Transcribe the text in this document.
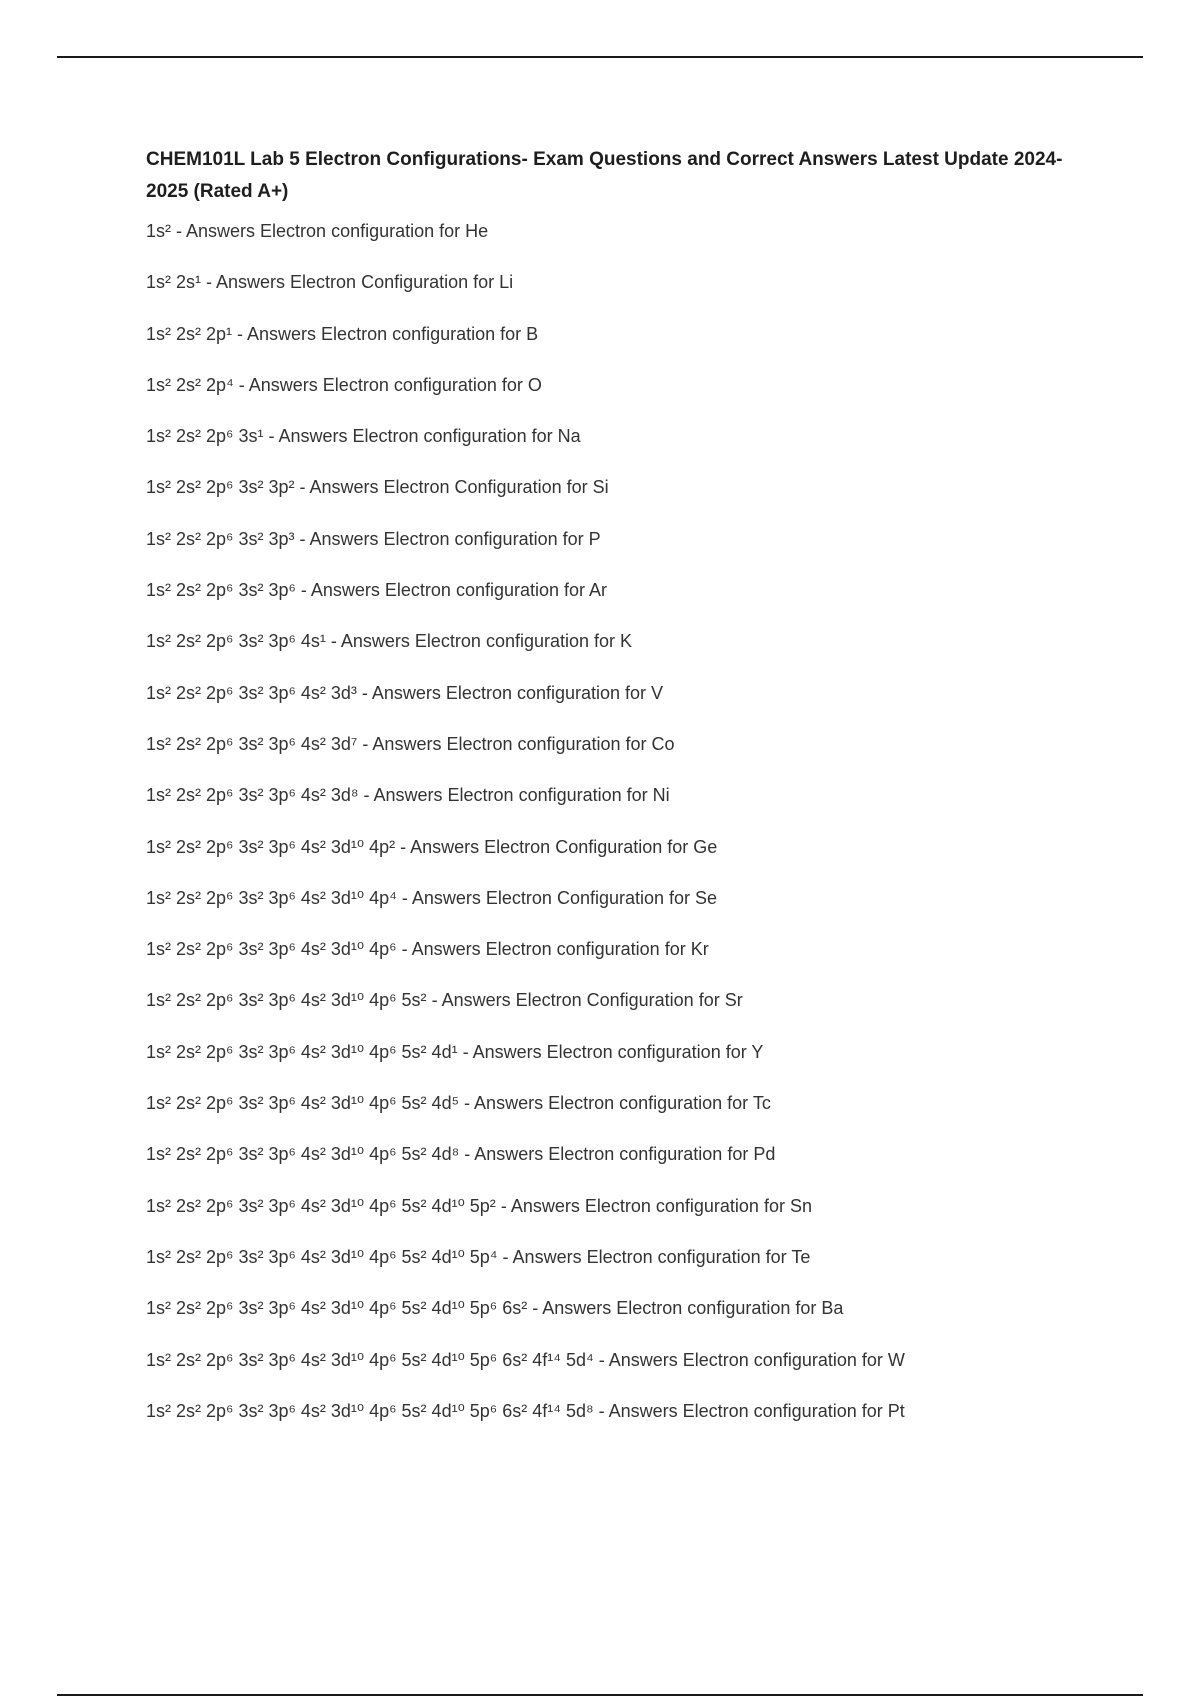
CHEM101L Lab 5 Electron Configurations- Exam Questions and Correct Answers Latest Update 2024-2025 (Rated A+)
1s² - Answers Electron configuration for He
1s² 2s¹ - Answers Electron Configuration for Li
1s² 2s² 2p¹ - Answers Electron configuration for B
1s² 2s² 2p⁴ - Answers Electron configuration for O
1s² 2s² 2p⁶ 3s¹ - Answers Electron configuration for Na
1s² 2s² 2p⁶ 3s² 3p² - Answers Electron Configuration for Si
1s² 2s² 2p⁶ 3s² 3p³ - Answers Electron configuration for P
1s² 2s² 2p⁶ 3s² 3p⁶ - Answers Electron configuration for Ar
1s² 2s² 2p⁶ 3s² 3p⁶ 4s¹ - Answers Electron configuration for K
1s² 2s² 2p⁶ 3s² 3p⁶ 4s² 3d³ - Answers Electron configuration for V
1s² 2s² 2p⁶ 3s² 3p⁶ 4s² 3d⁷ - Answers Electron configuration for Co
1s² 2s² 2p⁶ 3s² 3p⁶ 4s² 3d⁸ - Answers Electron configuration for Ni
1s² 2s² 2p⁶ 3s² 3p⁶ 4s² 3d¹⁰ 4p² - Answers Electron Configuration for Ge
1s² 2s² 2p⁶ 3s² 3p⁶ 4s² 3d¹⁰ 4p⁴ - Answers Electron Configuration for Se
1s² 2s² 2p⁶ 3s² 3p⁶ 4s² 3d¹⁰ 4p⁶ - Answers Electron configuration for Kr
1s² 2s² 2p⁶ 3s² 3p⁶ 4s² 3d¹⁰ 4p⁶ 5s² - Answers Electron Configuration for Sr
1s² 2s² 2p⁶ 3s² 3p⁶ 4s² 3d¹⁰ 4p⁶ 5s² 4d¹ - Answers Electron configuration for Y
1s² 2s² 2p⁶ 3s² 3p⁶ 4s² 3d¹⁰ 4p⁶ 5s² 4d⁵ - Answers Electron configuration for Tc
1s² 2s² 2p⁶ 3s² 3p⁶ 4s² 3d¹⁰ 4p⁶ 5s² 4d⁸ - Answers Electron configuration for Pd
1s² 2s² 2p⁶ 3s² 3p⁶ 4s² 3d¹⁰ 4p⁶ 5s² 4d¹⁰ 5p² - Answers Electron configuration for Sn
1s² 2s² 2p⁶ 3s² 3p⁶ 4s² 3d¹⁰ 4p⁶ 5s² 4d¹⁰ 5p⁴ - Answers Electron configuration for Te
1s² 2s² 2p⁶ 3s² 3p⁶ 4s² 3d¹⁰ 4p⁶ 5s² 4d¹⁰ 5p⁶ 6s² - Answers Electron configuration for Ba
1s² 2s² 2p⁶ 3s² 3p⁶ 4s² 3d¹⁰ 4p⁶ 5s² 4d¹⁰ 5p⁶ 6s² 4f¹⁴ 5d⁴ - Answers Electron configuration for W
1s² 2s² 2p⁶ 3s² 3p⁶ 4s² 3d¹⁰ 4p⁶ 5s² 4d¹⁰ 5p⁶ 6s² 4f¹⁴ 5d⁸ - Answers Electron configuration for Pt
